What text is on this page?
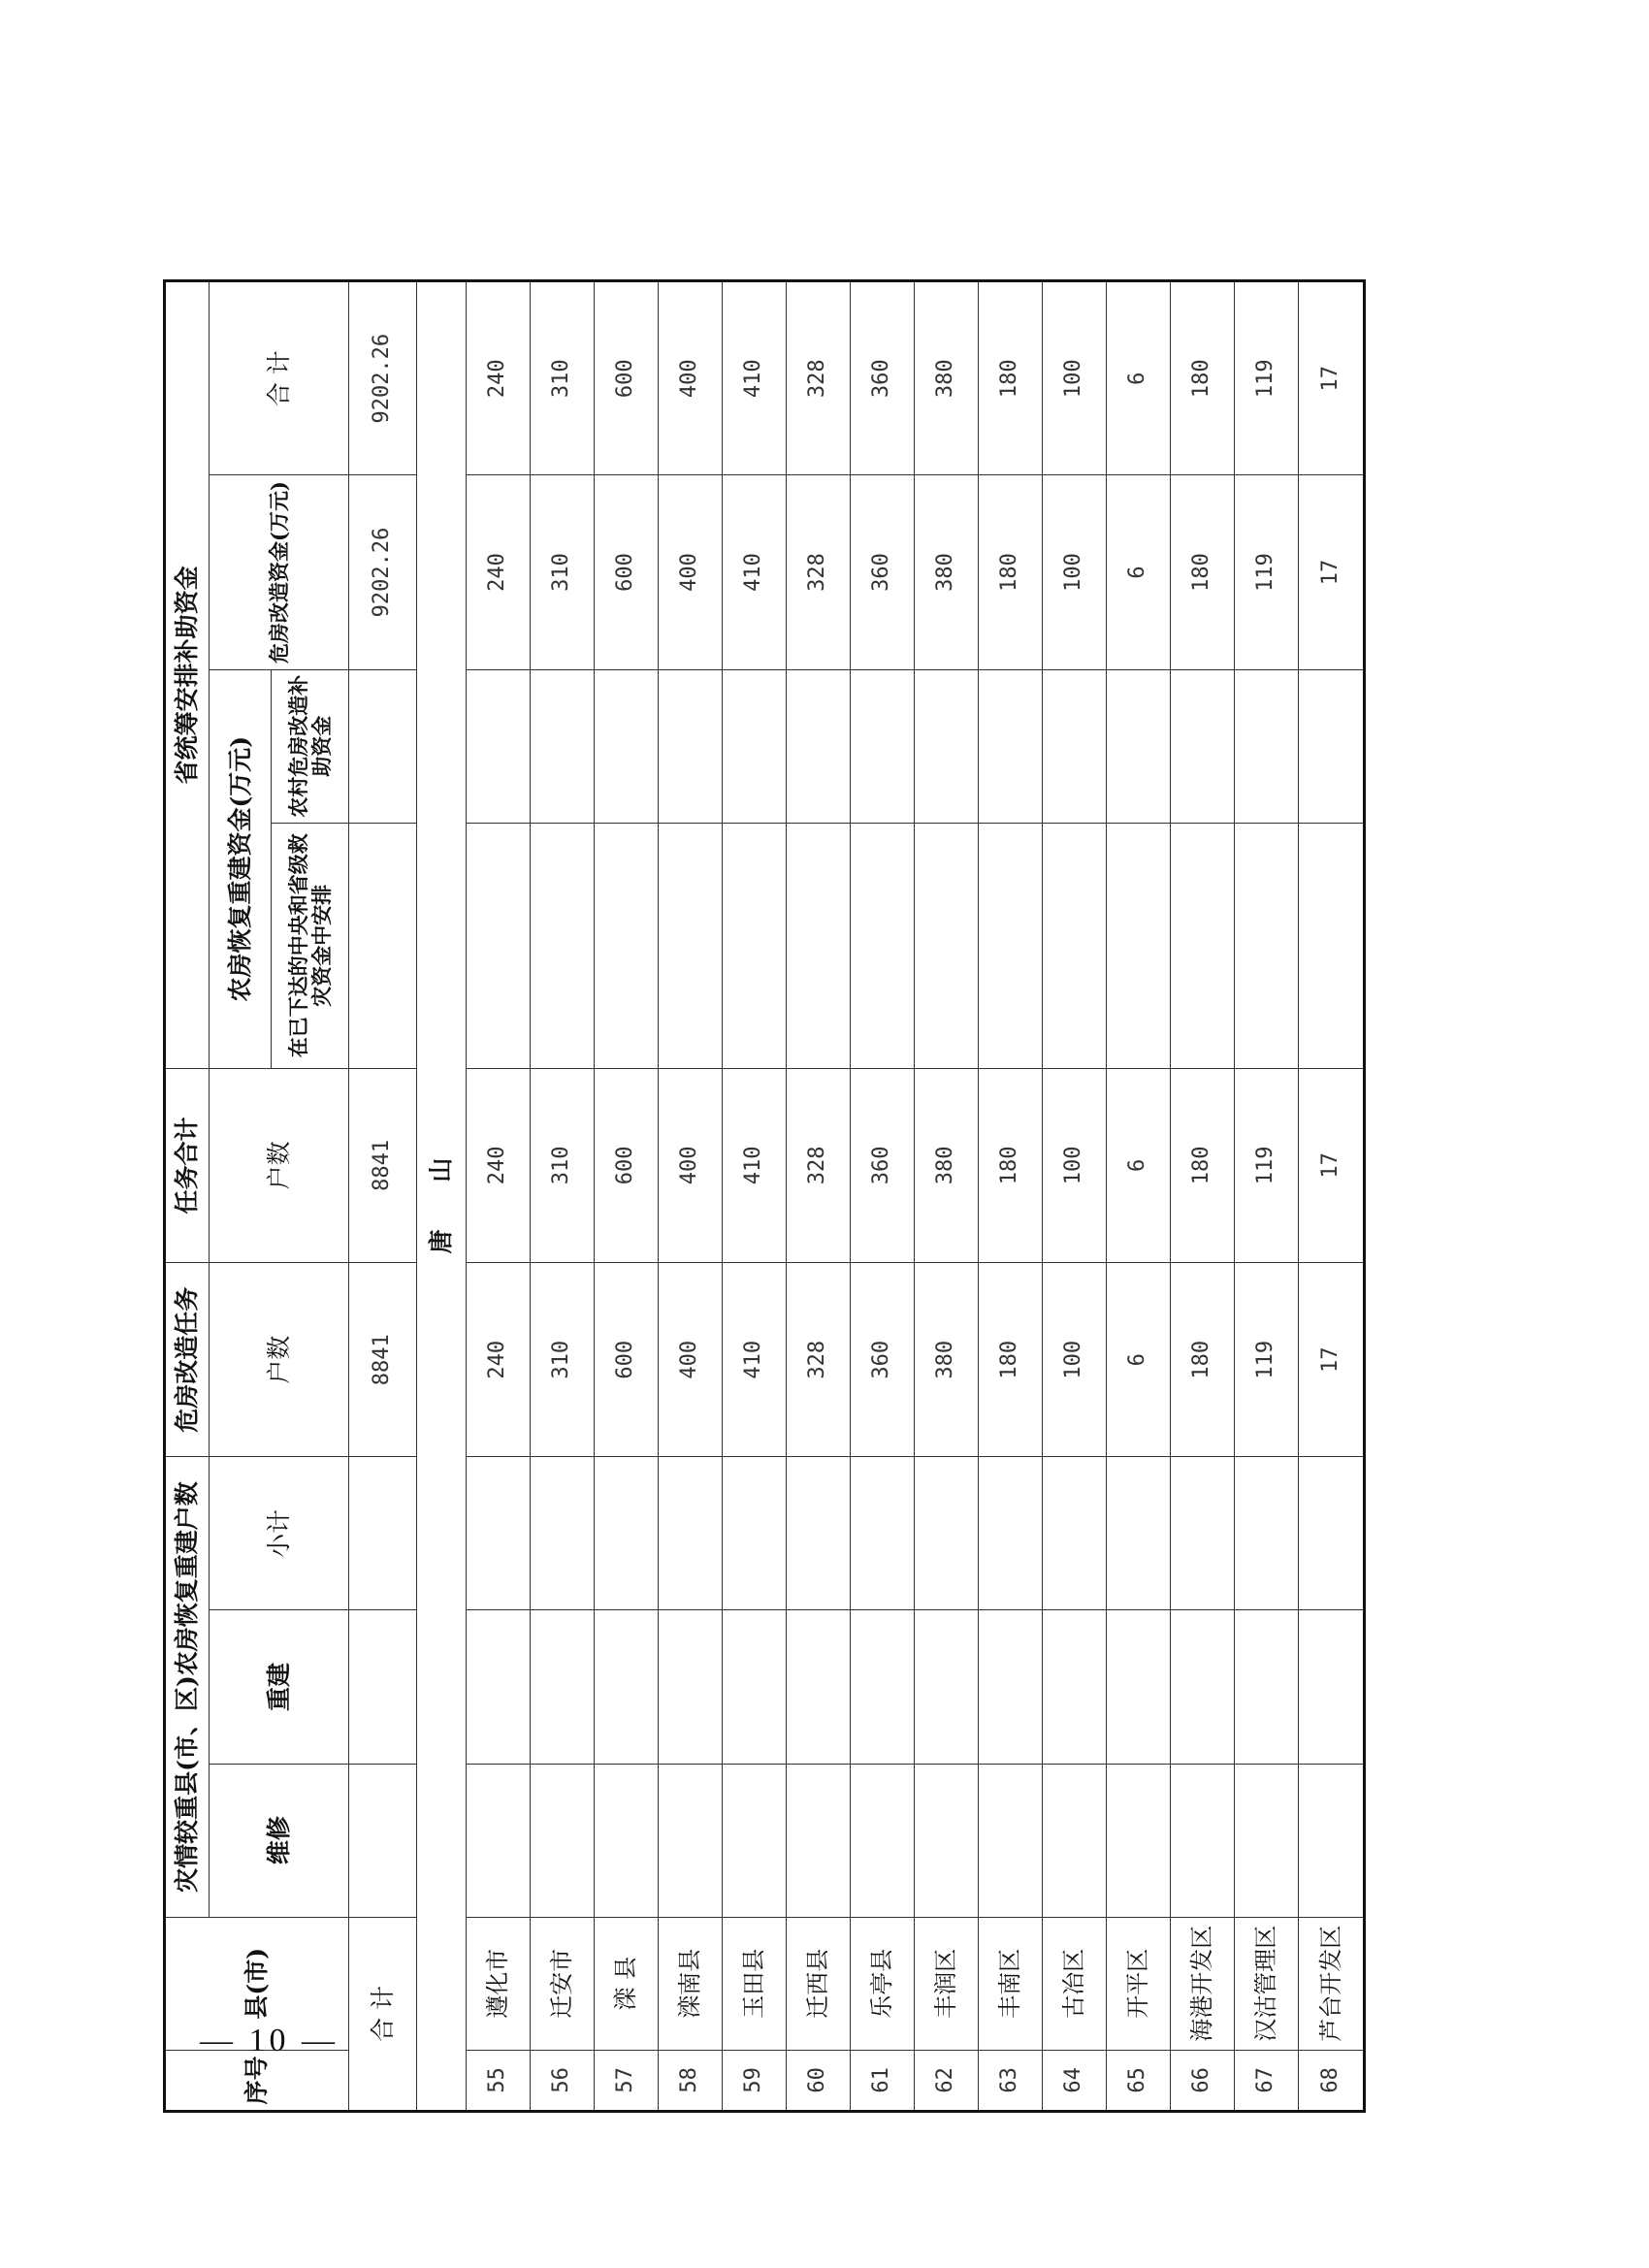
序号	县(市)	灾情较重县(市、区)农房恢复重建户数			危房改造任务	任务合计	省统筹安排补助资金			
		维修	重建	小计	户数	户数	农房恢复重建资金(万元)		危房改造资金(万元)	合 计
							在已下达的中央和省级救灾资金中安排	农村危房改造补助资金		
合 计					8841	8841			9202.26	9202.26
唐 山										
55	遵化市				240	240			240	240
56	迁安市				310	310			310	310
57	滦 县				600	600			600	600
58	滦南县				400	400			400	400
59	玉田县				410	410			410	410
60	迁西县				328	328			328	328
61	乐亭县				360	360			360	360
62	丰润区				380	380			380	380
63	丰南区				180	180			180	180
64	古冶区				100	100			100	100
65	开平区				6	6			6	6
66	海港开发区				180	180			180	180
67	汉沽管理区				119	119			119	119
68	芦台开发区				17	17			17	17
— 10 —
